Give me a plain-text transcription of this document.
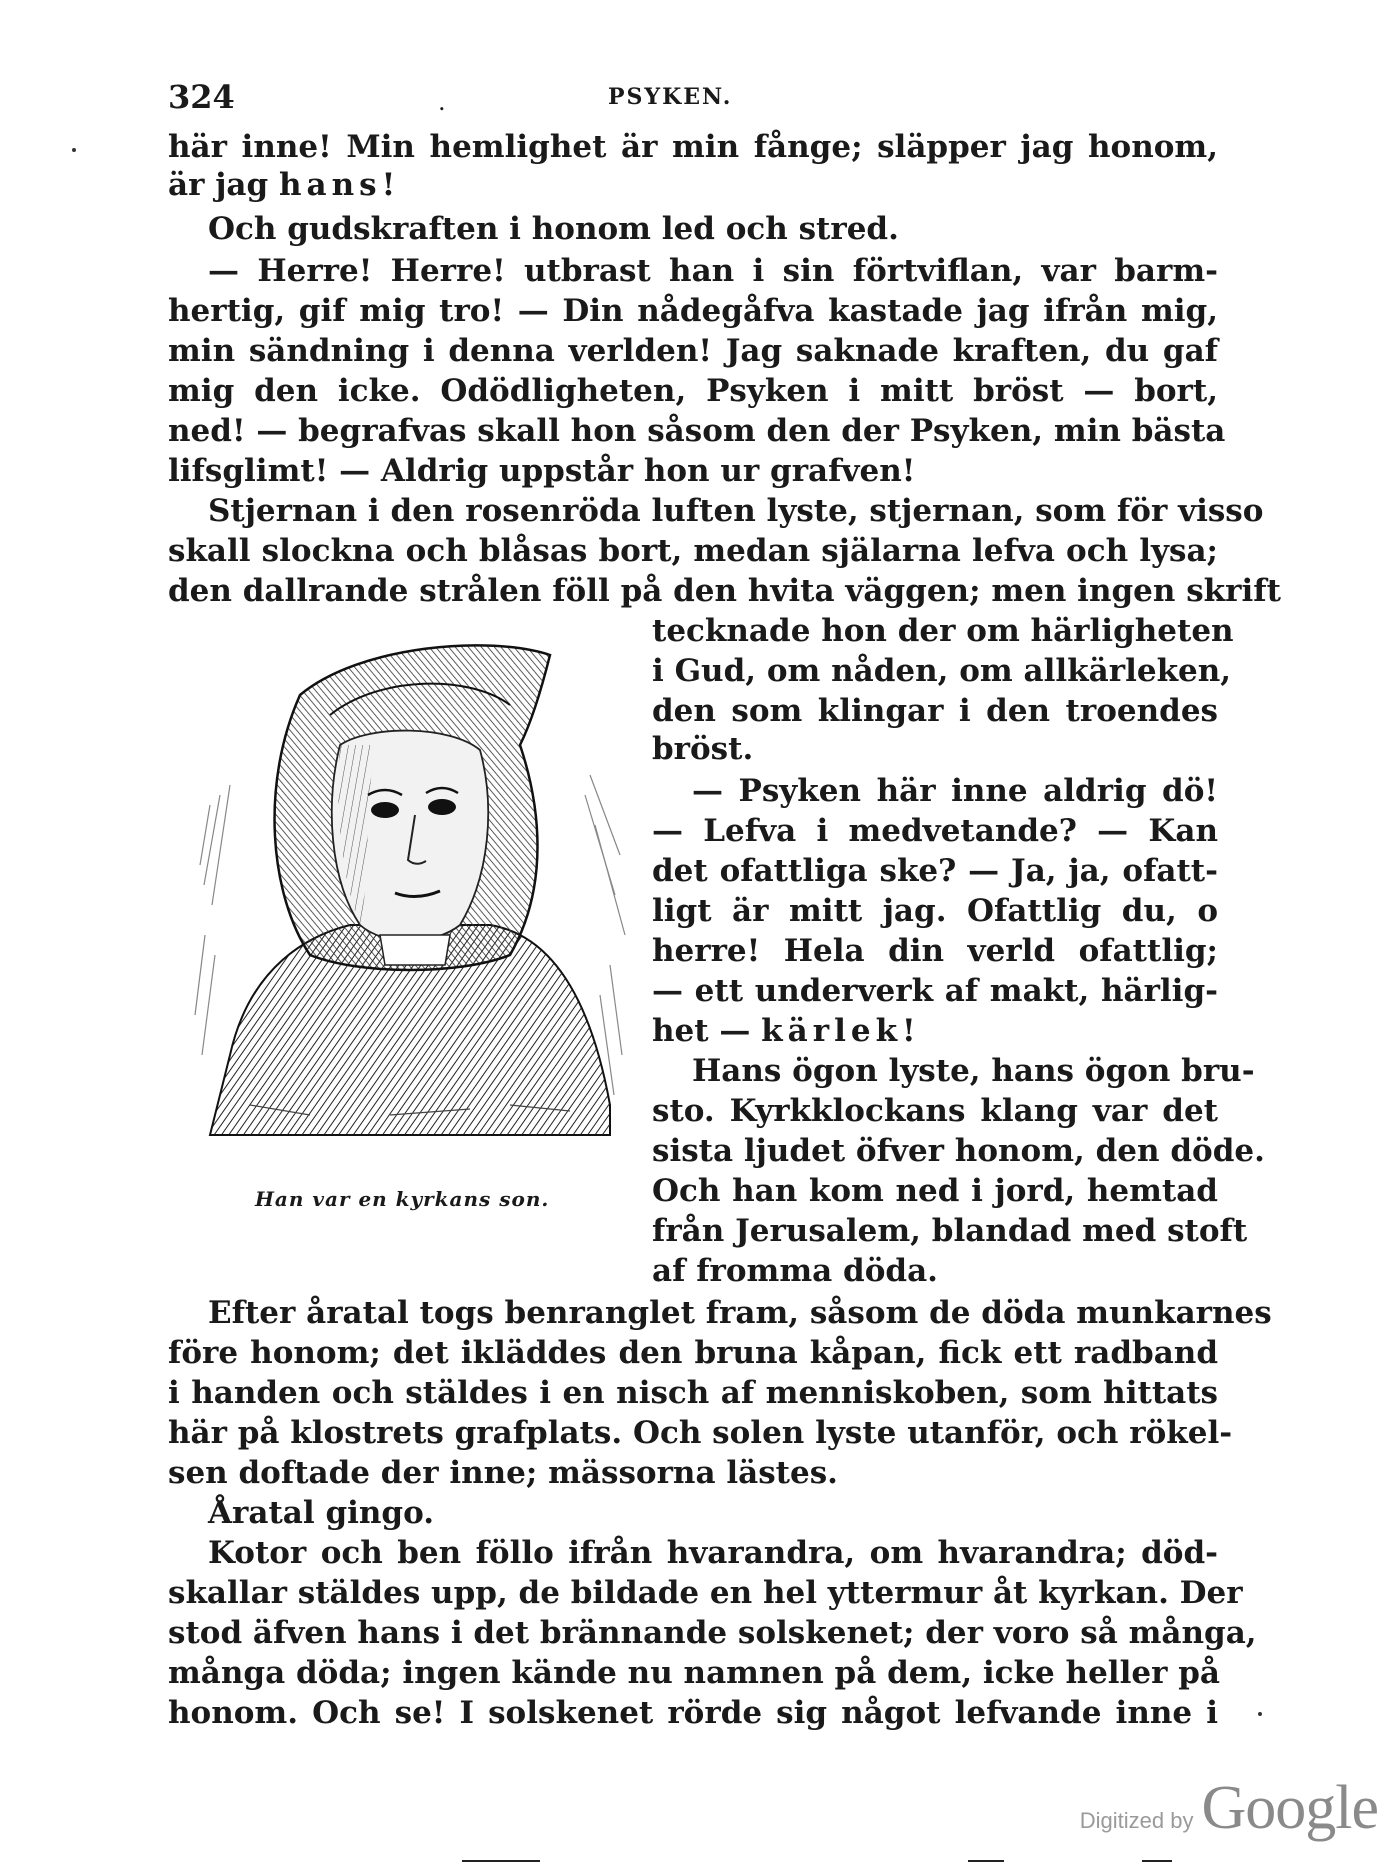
324	.	PSYKEN.
här inne! Min hemlighet är min fånge; släpper jag honom,
är jag hans!
Och gudskraften i honom led och stred.
— Herre! Herre! utbrast han i sin förtviflan, var barm-
hertig, gif mig tro! — Din nådegåfva kastade jag ifrån mig,
min sändning i denna verlden! Jag saknade kraften, du gaf
mig den icke. Odödligheten, Psyken i mitt bröst — bort,
ned! — begrafvas skall hon såsom den der Psyken, min bästa
lifsglimt! — Aldrig uppstår hon ur grafven!
Stjernan i den rosenröda luften lyste, stjernan, som för visso
skall slockna och blåsas bort, medan själarna lefva och lysa;
den dallrande strålen föll på den hvita väggen; men ingen skrift
Han var en kyrkans son.
tecknade hon der om härligheten
i Gud, om nåden, om allkärleken,
den som klingar i den troendes
bröst.
— Psyken här inne aldrig dö!
— Lefva i medvetande? — Kan
det ofattliga ske? — Ja, ja, ofatt-
ligt är mitt jag. Ofattlig du, o
herre! Hela din verld ofattlig;
— ett underverk af makt, härlig-
het — kärlek!
Hans ögon lyste, hans ögon bru-
sto. Kyrkklockans klang var det
sista ljudet öfver honom, den döde.
Och han kom ned i jord, hemtad
från Jerusalem, blandad med stoft
af fromma döda.
Efter åratal togs benranglet fram, såsom de döda munkarnes
före honom; det ikläddes den bruna kåpan, fick ett radband
i handen och stäldes i en nisch af menniskoben, som hittats
här på klostrets grafplats. Och solen lyste utanför, och rökel-
sen doftade der inne; mässorna lästes.
Åratal gingo.
Kotor och ben föllo ifrån hvarandra, om hvarandra; död-
skallar stäldes upp, de bildade en hel yttermur åt kyrkan. Der
stod äfven hans i det brännande solskenet; der voro så många,
många döda; ingen kände nu namnen på dem, icke heller på
honom. Och se! I solskenet rörde sig något lefvande inne i
Digitized by Google
